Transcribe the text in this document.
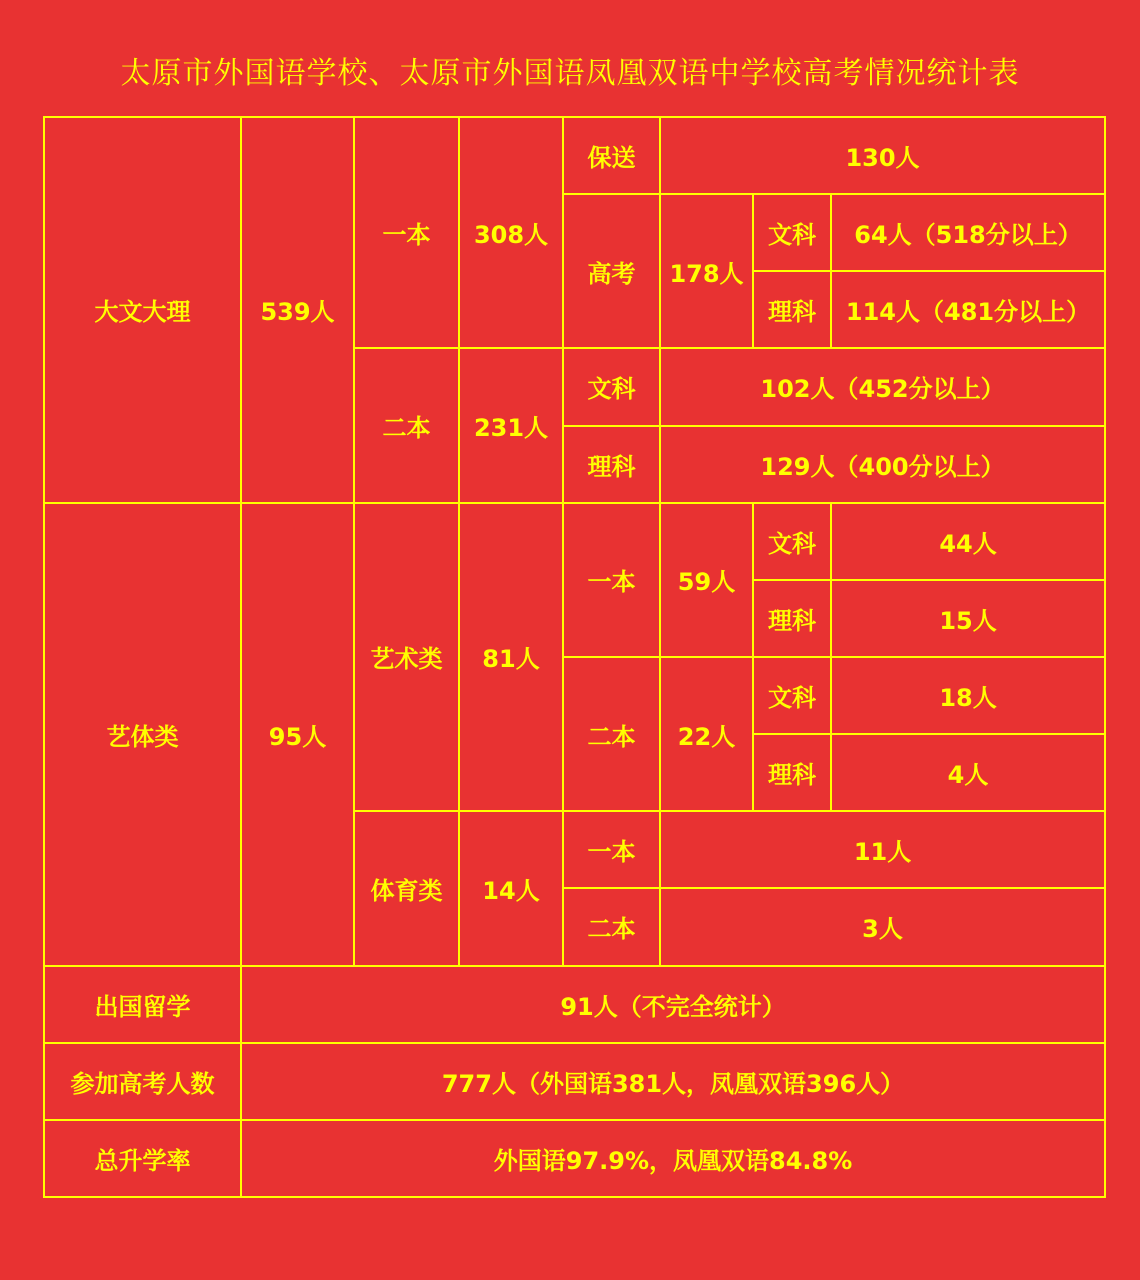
太原市外国语学校、太原市外国语凤凰双语中学校高考情况统计表
大文大理	539人	一本	308人	保送	130人		
				高考	178人	文科	64人（518分以上）
						理科	114人（481分以上）
		二本	231人	文科	102人（452分以上）		
				理科	129人（400分以上）		
艺体类	95人	艺术类	81人	一本	59人	文科	44人
						理科	15人
				二本	22人	文科	18人
						理科	4人
		体育类	14人	一本	11人		
				二本	3人		
出国留学	91人（不完全统计）						
参加高考人数	777人（外国语381人，凤凰双语396人）						
总升学率	外国语97.9%，凤凰双语84.8%						
